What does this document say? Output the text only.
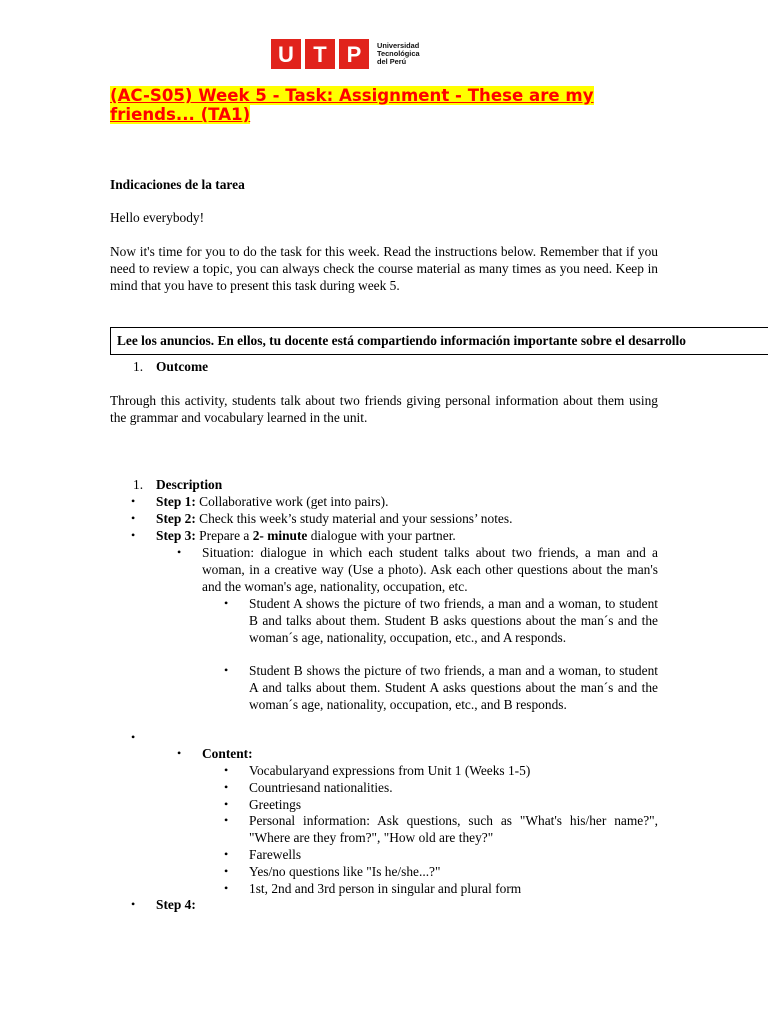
U T P	Universidad
Tecnológica
del Perú
(AC-S05) Week 5 - Task: Assignment - These are my
friends... (TA1)
Indicaciones de la tarea
Hello everybody!
Now it's time for you to do the task for this week. Read the instructions below. Remember that if you need to review a topic, you can always check the course material as many times as you need. Keep in mind that you have to present this task during week 5.
Lee los anuncios. En ellos, tu docente está compartiendo información importante sobre el desarrollo
1. Outcome
Through this activity, students talk about two friends giving personal information about them using the grammar and vocabulary learned in the unit.
1. Description
• Step 1: Collaborative work (get into pairs).
• Step 2: Check this week’s study material and your sessions’ notes.
• Step 3: Prepare a 2- minute dialogue with your partner.
• Situation: dialogue in which each student talks about two friends, a man and a woman, in a creative way (Use a photo). Ask each other questions about the man's and the woman's age, nationality, occupation, etc.
• Student A shows the picture of two friends, a man and a woman, to student B and talks about them. Student B asks questions about the man´s and the woman´s age, nationality, occupation, etc., and A responds.
• Student B shows the picture of two friends, a man and a woman, to student A and talks about them. Student A asks questions about the man´s and the woman´s age, nationality, occupation, etc., and B responds.
•
• Content:
• Vocabularyand expressions from Unit 1 (Weeks 1-5)
• Countriesand nationalities.
• Greetings
• Personal information: Ask questions, such as "What's his/her name?", "Where are they from?", "How old are they?"
• Farewells
• Yes/no questions like "Is he/she...?"
• 1st, 2nd and 3rd person in singular and plural form
• Step 4:
